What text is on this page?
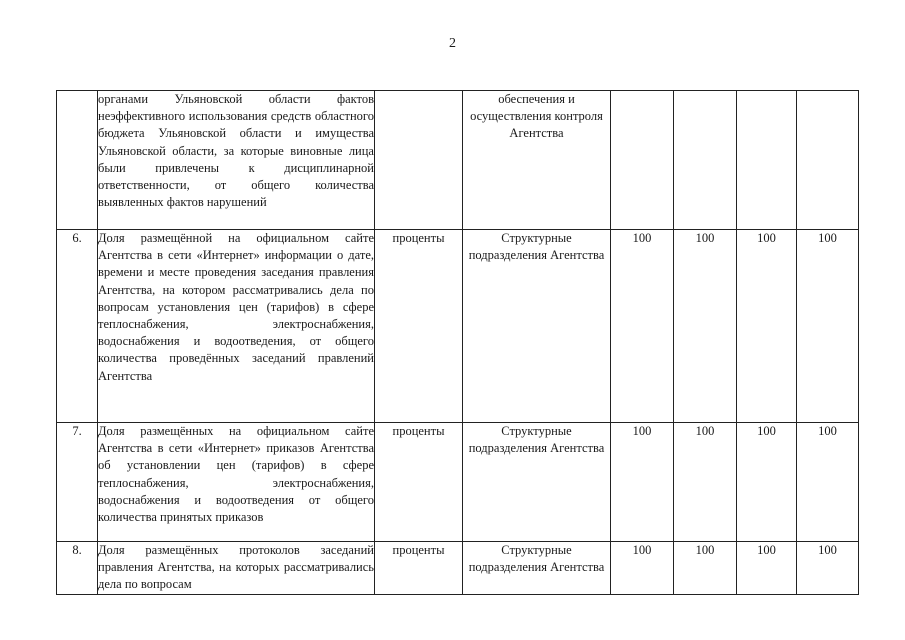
2
	органами Ульяновской области фактов неэффективного использования средств областного бюджета Ульяновской области и имущества Ульяновской области, за которые виновные лица были привлечены к дисциплинарной ответственности, от общего количества выявленных фактов нарушений		обеспечения и осуществления контроля Агентства				
6.	Доля размещённой на официальном сайте Агентства в сети «Интернет» информации о дате, времени и месте проведения заседания правления Агентства, на котором рассматривались дела по вопросам установления цен (тарифов) в сфере теплоснабжения, электроснабжения, водоснабжения и водоотведения, от общего количества проведённых заседаний правлений Агентства	проценты	Структурные подразделения Агентства	100	100	100	100
7.	Доля размещённых на официальном сайте Агентства в сети «Интернет» приказов Агентства об установлении цен (тарифов) в сфере теплоснабжения, электроснабжения, водоснабжения и водоотведения от общего количества принятых приказов	проценты	Структурные подразделения Агентства	100	100	100	100
8.	Доля размещённых протоколов заседаний правления Агентства, на которых рассматривались дела по вопросам	проценты	Структурные подразделения Агентства	100	100	100	100
